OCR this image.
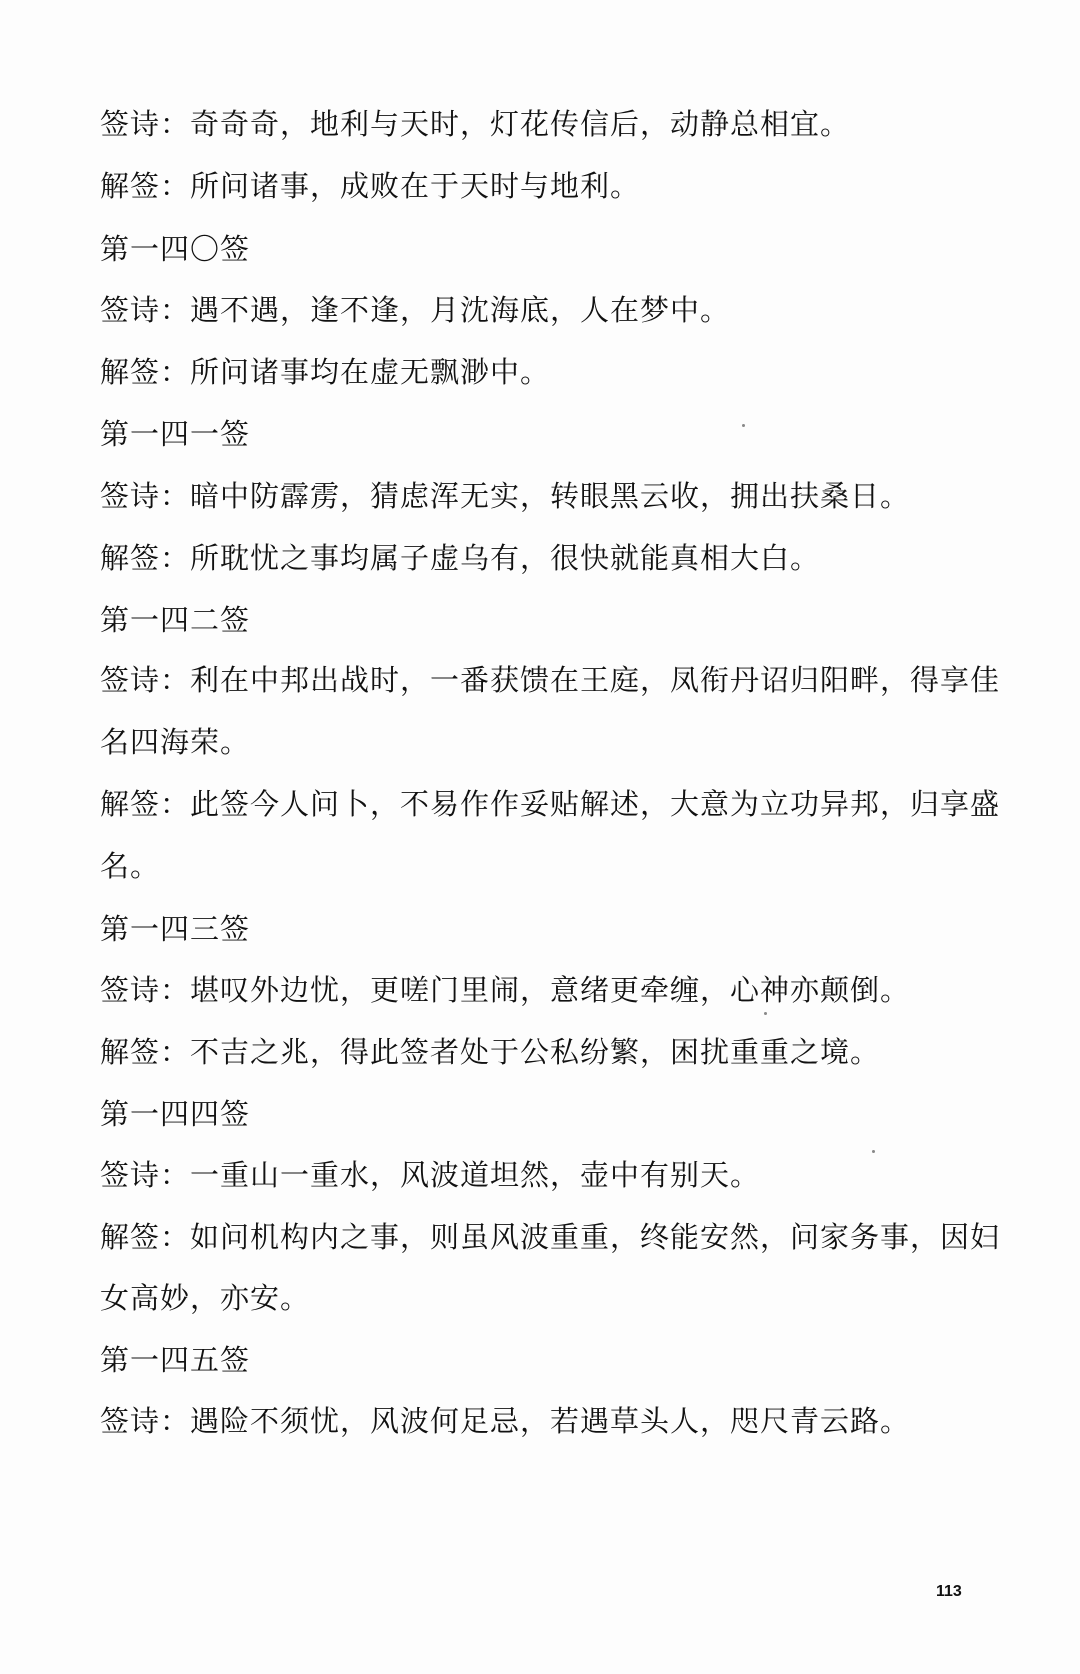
签诗：奇奇奇，地利与天时，灯花传信后，动静总相宜。
解签：所问诸事，成败在于天时与地利。
第一四〇签
签诗：遇不遇，逢不逢，月沈海底，人在梦中。
解签：所问诸事均在虚无飘渺中。
第一四一签
签诗：暗中防霹雳，猜虑浑无实，转眼黑云收，拥出扶桑日。
解签：所耽忧之事均属子虚乌有，很快就能真相大白。
第一四二签
签诗：利在中邦出战时，一番获馈在王庭，凤衔丹诏归阳畔，得享佳
名四海荣。
解签：此签今人问卜，不易作作妥贴解述，大意为立功异邦，归享盛
名。
第一四三签
签诗：堪叹外边忧，更嗟门里闹，意绪更牵缠，心神亦颠倒。
解签：不吉之兆，得此签者处于公私纷繁，困扰重重之境。
第一四四签
签诗：一重山一重水，风波道坦然，壶中有别天。
解签：如问机构内之事，则虽风波重重，终能安然，问家务事，因妇
女高妙，亦安。
第一四五签
签诗：遇险不须忧，风波何足忌，若遇草头人，咫尺青云路。
113
